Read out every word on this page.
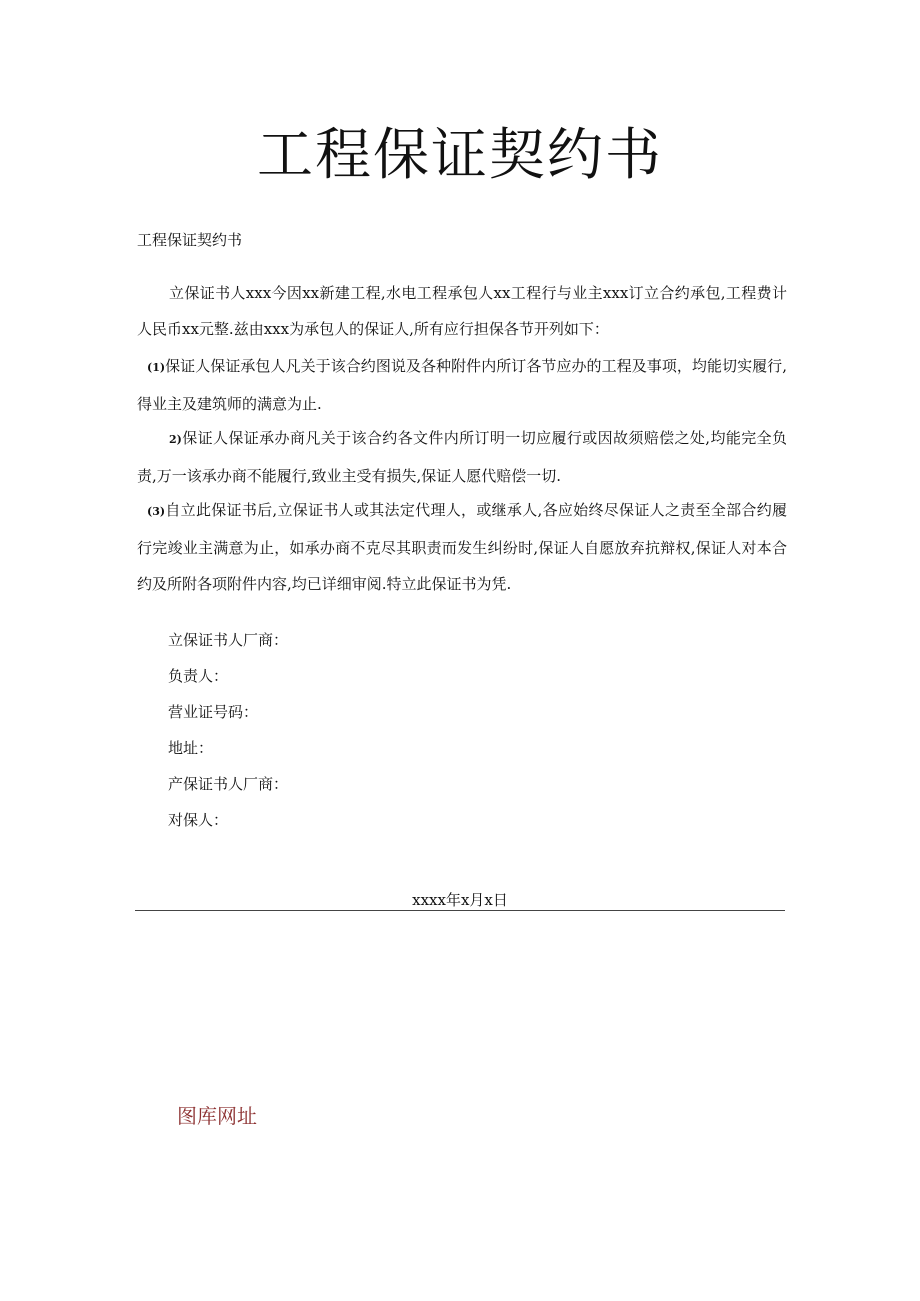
工程保证契约书
工程保证契约书

立保证书人xxx今因xx新建工程,水电工程承包人xx工程行与业主xxx订立合约承包,工程费计人民币xx元整.兹由xxx为承包人的保证人,所有应行担保各节开列如下：

(1)保证人保证承包人凡关于该合约图说及各种附件内所订各节应办的工程及事项，均能切实履行,得业主及建筑师的满意为止.

2)保证人保证承办商凡关于该合约各文件内所订明一切应履行或因故须赔偿之处,均能完全负责,万一该承办商不能履行,致业主受有损失,保证人愿代赔偿一切.

(3)自立此保证书后,立保证书人或其法定代理人，或继承人,各应始终尽保证人之责至全部合约履行完竣业主满意为止，如承办商不克尽其职责而发生纠纷时,保证人自愿放弃抗辩权,保证人对本合约及所附各项附件内容,均已详细审阅.特立此保证书为凭.

立保证书人厂商：
负责人：
营业证号码：
地址：
产保证书人厂商：
对保人：
xxxx年x月x日
图库网址
